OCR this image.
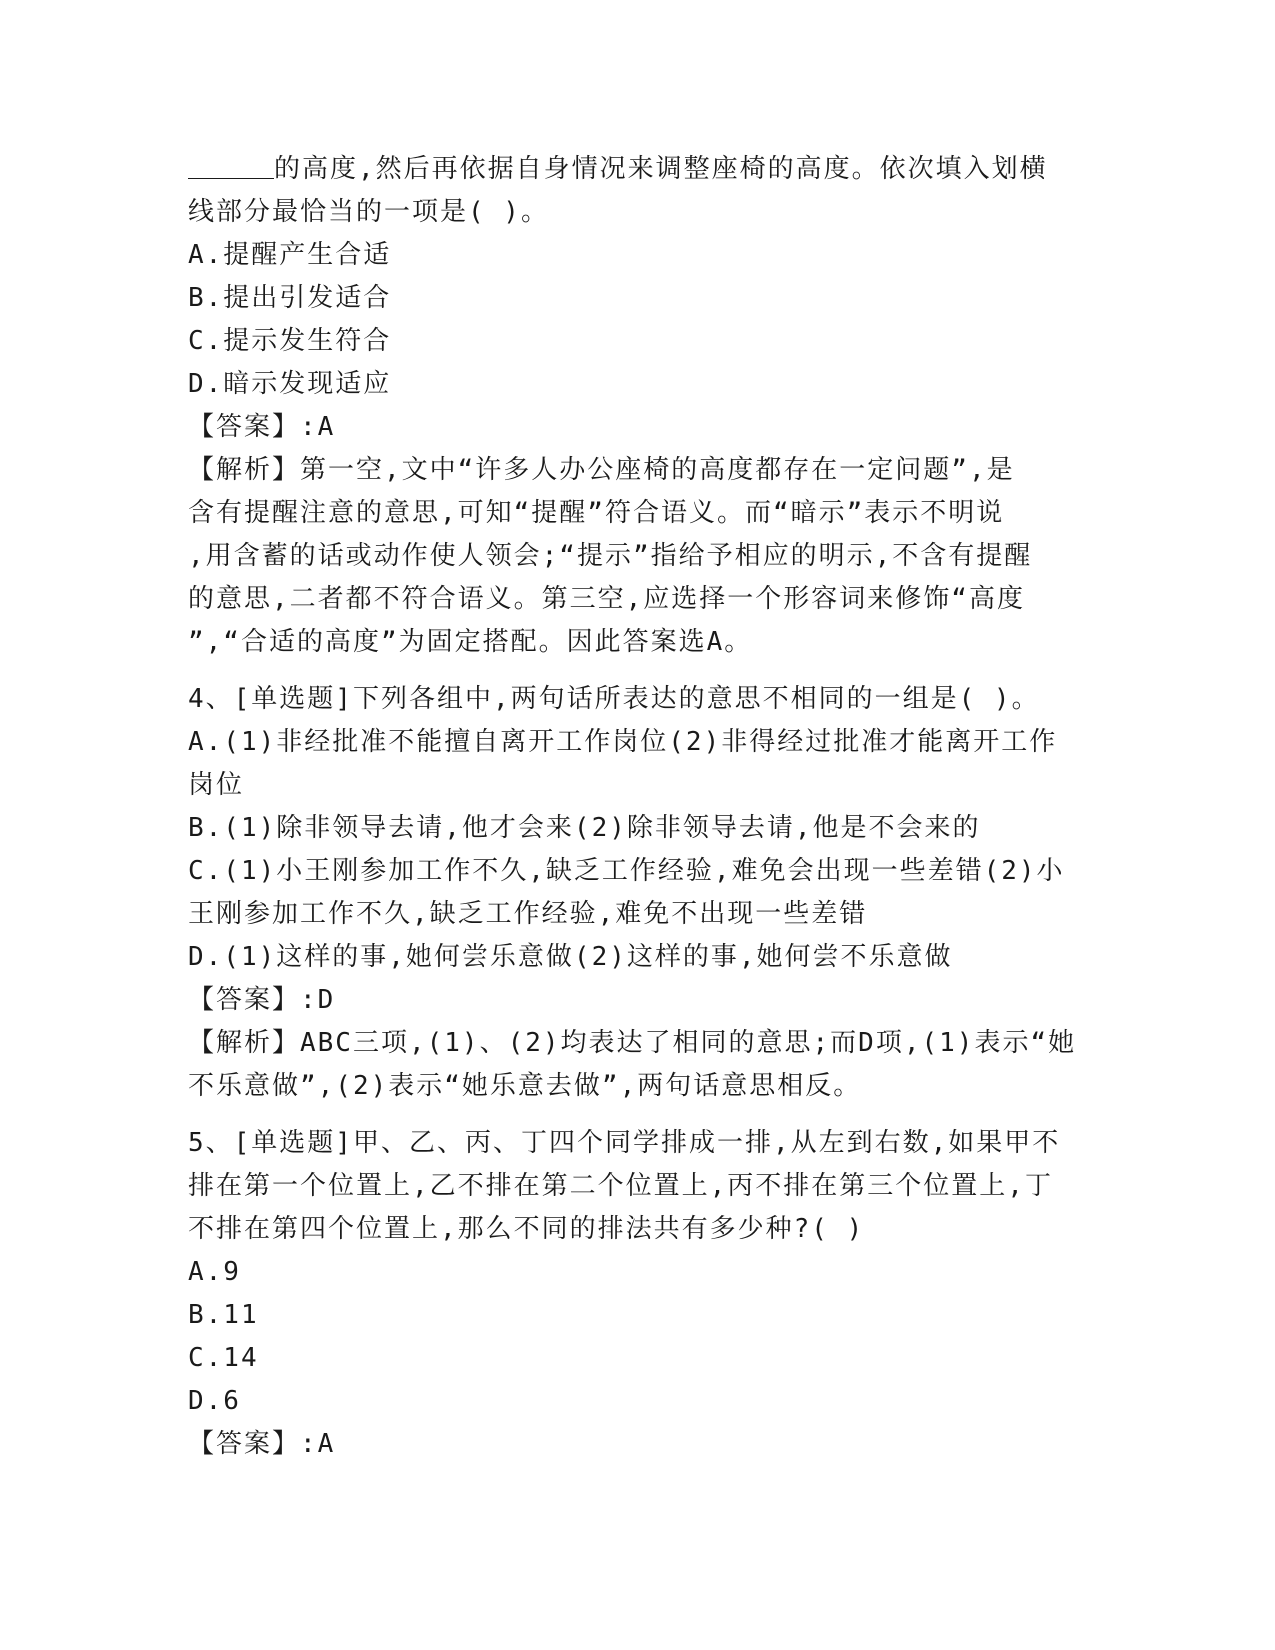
的高度,然后再依据自身情况来调整座椅的高度。依次填入划横
线部分最恰当的一项是( )。
A.提醒产生合适
B.提出引发适合
C.提示发生符合
D.暗示发现适应
【答案】:A
【解析】第一空,文中“许多人办公座椅的高度都存在一定问题”,是
含有提醒注意的意思,可知“提醒”符合语义。而“暗示”表示不明说
,用含蓄的话或动作使人领会;“提示”指给予相应的明示,不含有提醒
的意思,二者都不符合语义。第三空,应选择一个形容词来修饰“高度
”,“合适的高度”为固定搭配。因此答案选A。
4、[单选题]下列各组中,两句话所表达的意思不相同的一组是( )。
A.(1)非经批准不能擅自离开工作岗位(2)非得经过批准才能离开工作
岗位
B.(1)除非领导去请,他才会来(2)除非领导去请,他是不会来的
C.(1)小王刚参加工作不久,缺乏工作经验,难免会出现一些差错(2)小
王刚参加工作不久,缺乏工作经验,难免不出现一些差错
D.(1)这样的事,她何尝乐意做(2)这样的事,她何尝不乐意做
【答案】:D
【解析】ABC三项,(1)、(2)均表达了相同的意思;而D项,(1)表示“她
不乐意做”,(2)表示“她乐意去做”,两句话意思相反。
5、[单选题]甲、乙、丙、丁四个同学排成一排,从左到右数,如果甲不
排在第一个位置上,乙不排在第二个位置上,丙不排在第三个位置上,丁
不排在第四个位置上,那么不同的排法共有多少种?( )
A.9
B.11
C.14
D.6
【答案】:A
